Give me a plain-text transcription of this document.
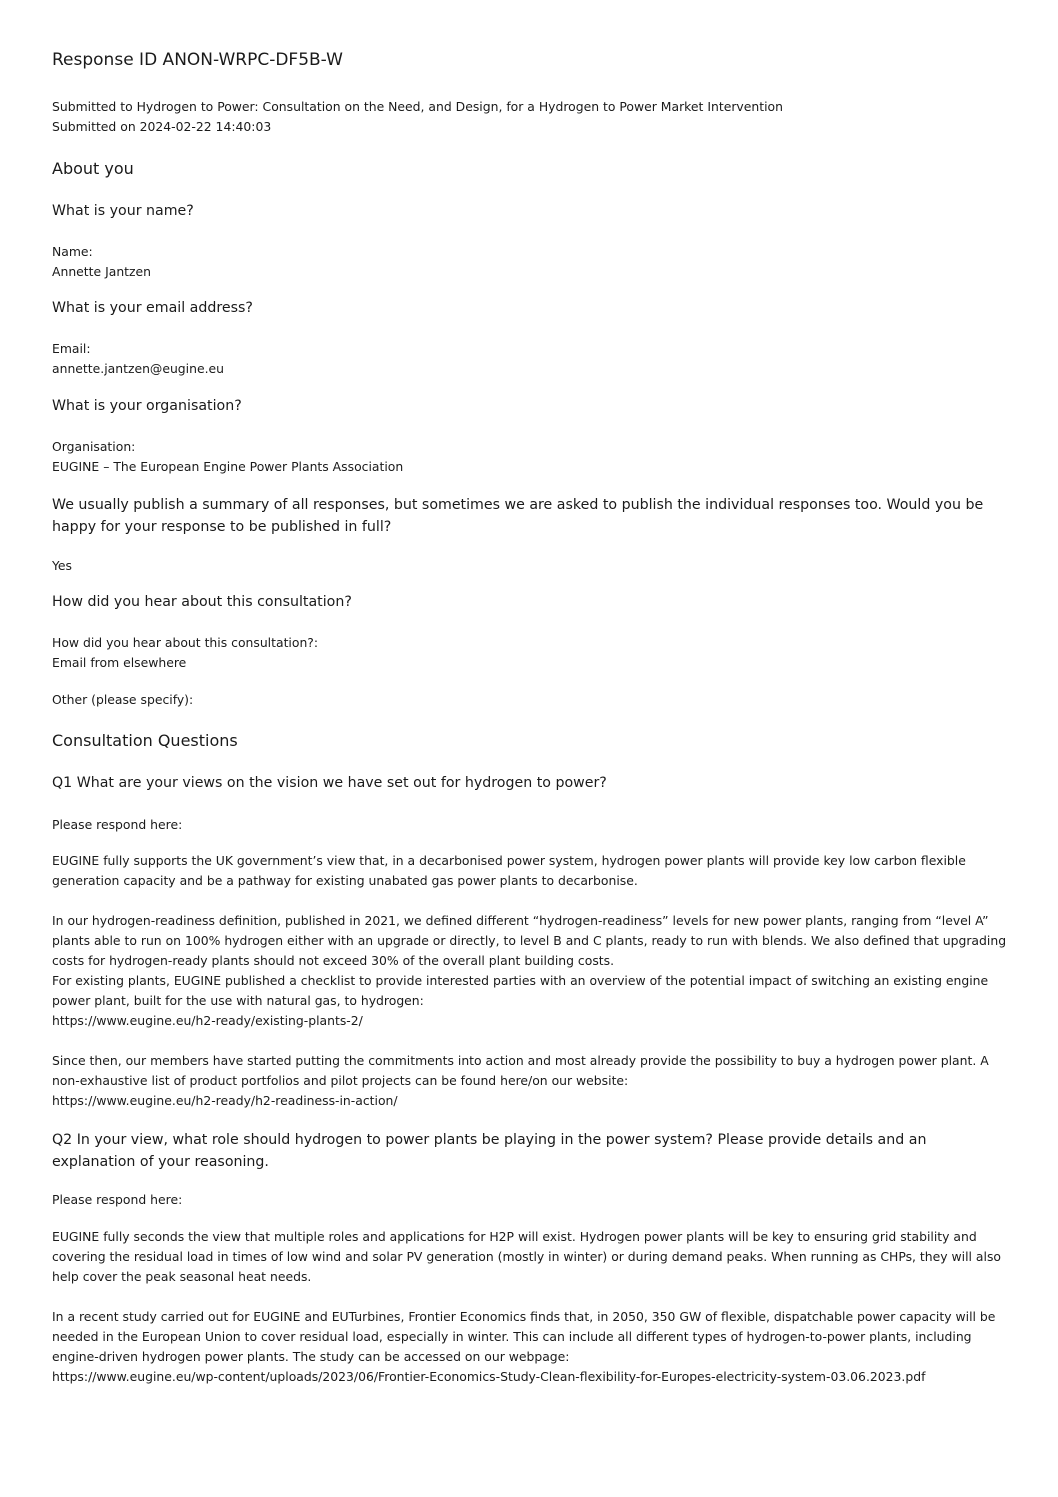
Response ID ANON-WRPC-DF5B-W
Submitted to Hydrogen to Power: Consultation on the Need, and Design, for a Hydrogen to Power Market Intervention
Submitted on 2024-02-22 14:40:03
About you
What is your name?
Name:
Annette Jantzen
What is your email address?
Email:
annette.jantzen@eugine.eu
What is your organisation?
Organisation:
EUGINE – The European Engine Power Plants Association
We usually publish a summary of all responses, but sometimes we are asked to publish the individual responses too. Would you be happy for your response to be published in full?
Yes
How did you hear about this consultation?
How did you hear about this consultation?:
Email from elsewhere
Other (please specify):
Consultation Questions
Q1 What are your views on the vision we have set out for hydrogen to power?
Please respond here:
EUGINE fully supports the UK government’s view that, in a decarbonised power system, hydrogen power plants will provide key low carbon flexible generation capacity and be a pathway for existing unabated gas power plants to decarbonise.
In our hydrogen-readiness definition, published in 2021, we defined different “hydrogen-readiness” levels for new power plants, ranging from “level A” plants able to run on 100% hydrogen either with an upgrade or directly, to level B and C plants, ready to run with blends. We also defined that upgrading costs for hydrogen-ready plants should not exceed 30% of the overall plant building costs.
For existing plants, EUGINE published a checklist to provide interested parties with an overview of the potential impact of switching an existing engine power plant, built for the use with natural gas, to hydrogen:
https://www.eugine.eu/h2-ready/existing-plants-2/
Since then, our members have started putting the commitments into action and most already provide the possibility to buy a hydrogen power plant. A non-exhaustive list of product portfolios and pilot projects can be found here/on our website:
https://www.eugine.eu/h2-ready/h2-readiness-in-action/
Q2 In your view, what role should hydrogen to power plants be playing in the power system? Please provide details and an explanation of your reasoning.
Please respond here:
EUGINE fully seconds the view that multiple roles and applications for H2P will exist. Hydrogen power plants will be key to ensuring grid stability and covering the residual load in times of low wind and solar PV generation (mostly in winter) or during demand peaks. When running as CHPs, they will also help cover the peak seasonal heat needs.
In a recent study carried out for EUGINE and EUTurbines, Frontier Economics finds that, in 2050, 350 GW of flexible, dispatchable power capacity will be needed in the European Union to cover residual load, especially in winter. This can include all different types of hydrogen-to-power plants, including engine-driven hydrogen power plants. The study can be accessed on our webpage:
https://www.eugine.eu/wp-content/uploads/2023/06/Frontier-Economics-Study-Clean-flexibility-for-Europes-electricity-system-03.06.2023.pdf
